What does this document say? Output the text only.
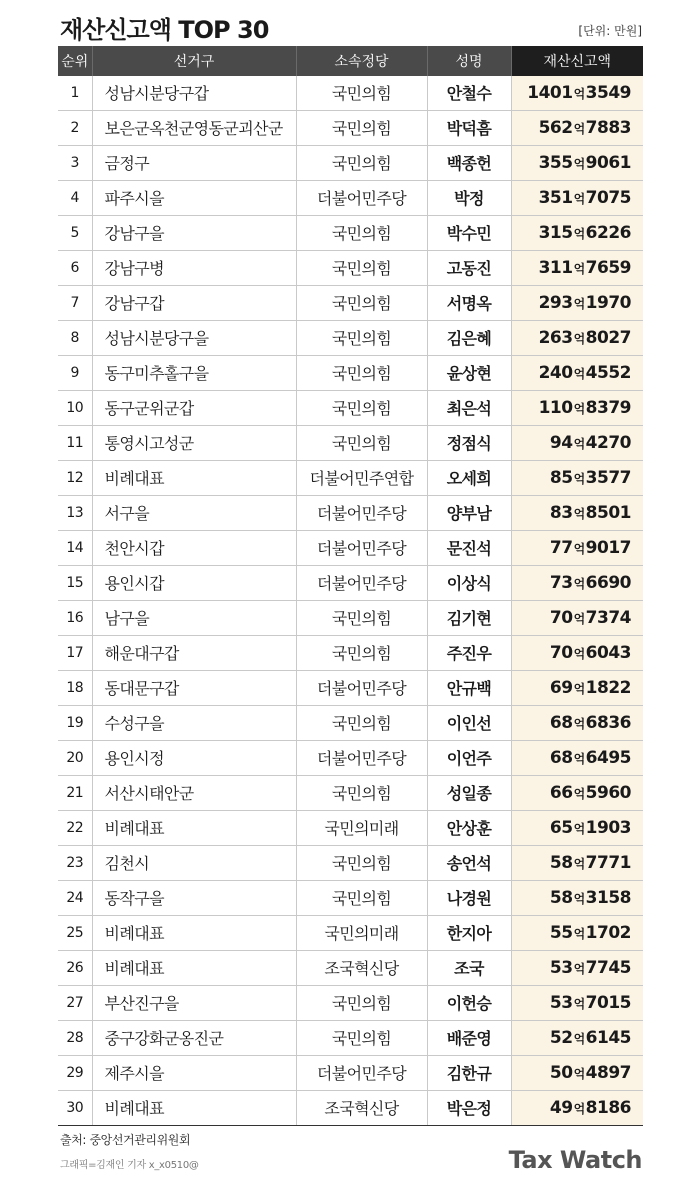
재산신고액 TOP 30	[단위: 만원]
순위	선거구	소속정당	성명	재산신고액
1	성남시분당구갑	국민의힘	안철수	1401억3549
2	보은군옥천군영동군괴산군	국민의힘	박덕흠	562억7883
3	금정구	국민의힘	백종헌	355억9061
4	파주시을	더불어민주당	박정	351억7075
5	강남구을	국민의힘	박수민	315억6226
6	강남구병	국민의힘	고동진	311억7659
7	강남구갑	국민의힘	서명옥	293억1970
8	성남시분당구을	국민의힘	김은혜	263억8027
9	동구미추홀구을	국민의힘	윤상현	240억4552
10	동구군위군갑	국민의힘	최은석	110억8379
11	통영시고성군	국민의힘	정점식	94억4270
12	비례대표	더불어민주연합	오세희	85억3577
13	서구을	더불어민주당	양부남	83억8501
14	천안시갑	더불어민주당	문진석	77억9017
15	용인시갑	더불어민주당	이상식	73억6690
16	남구을	국민의힘	김기현	70억7374
17	해운대구갑	국민의힘	주진우	70억6043
18	동대문구갑	더불어민주당	안규백	69억1822
19	수성구을	국민의힘	이인선	68억6836
20	용인시정	더불어민주당	이언주	68억6495
21	서산시태안군	국민의힘	성일종	66억5960
22	비례대표	국민의미래	안상훈	65억1903
23	김천시	국민의힘	송언석	58억7771
24	동작구을	국민의힘	나경원	58억3158
25	비례대표	국민의미래	한지아	55억1702
26	비례대표	조국혁신당	조국	53억7745
27	부산진구을	국민의힘	이헌승	53억7015
28	중구강화군옹진군	국민의힘	배준영	52억6145
29	제주시을	더불어민주당	김한규	50억4897
30	비례대표	조국혁신당	박은정	49억8186
출처: 중앙선거관리위원회
그래픽=김재인 기자 x_x0510@	Tax Watch
